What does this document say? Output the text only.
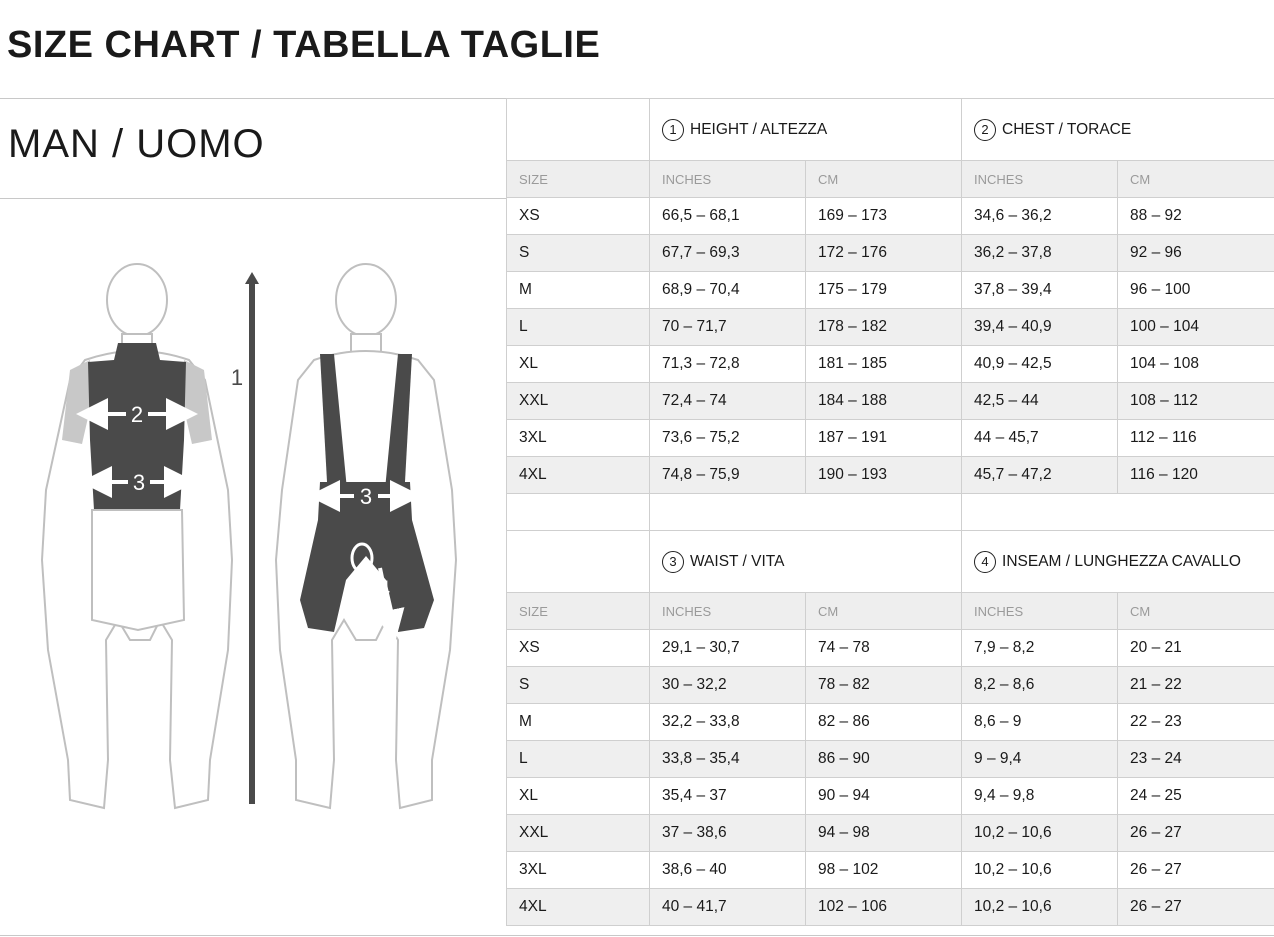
SIZE CHART / TABELLA TAGLIE
MAN / UOMO
2
3
1
3
4
	1 HEIGHT / ALTEZZA		2 CHEST / TORACE	
SIZE	INCHES	CM	INCHES	CM
XS	66,5 – 68,1	169 – 173	34,6 – 36,2	88 – 92
S	67,7 – 69,3	172 – 176	36,2 – 37,8	92 – 96
M	68,9 – 70,4	175 – 179	37,8 – 39,4	96 – 100
L	70 – 71,7	178 – 182	39,4 – 40,9	100 – 104
XL	71,3 – 72,8	181 – 185	40,9 – 42,5	104 – 108
XXL	72,4 – 74	184 – 188	42,5 – 44	108 – 112
3XL	73,6 – 75,2	187 – 191	44 – 45,7	112 – 116
4XL	74,8 – 75,9	190 – 193	45,7 – 47,2	116 – 120

	3 WAIST / VITA		4 INSEAM / LUNGHEZZA CAVALLO	
SIZE	INCHES	CM	INCHES	CM
XS	29,1 – 30,7	74 – 78	7,9 – 8,2	20 – 21
S	30 – 32,2	78 – 82	8,2 – 8,6	21 – 22
M	32,2 – 33,8	82 – 86	8,6 – 9	22 – 23
L	33,8 – 35,4	86 – 90	9 – 9,4	23 – 24
XL	35,4 – 37	90 – 94	9,4 – 9,8	24 – 25
XXL	37 – 38,6	94 – 98	10,2 – 10,6	26 – 27
3XL	38,6 – 40	98 – 102	10,2 – 10,6	26 – 27
4XL	40 – 41,7	102 – 106	10,2 – 10,6	26 – 27
